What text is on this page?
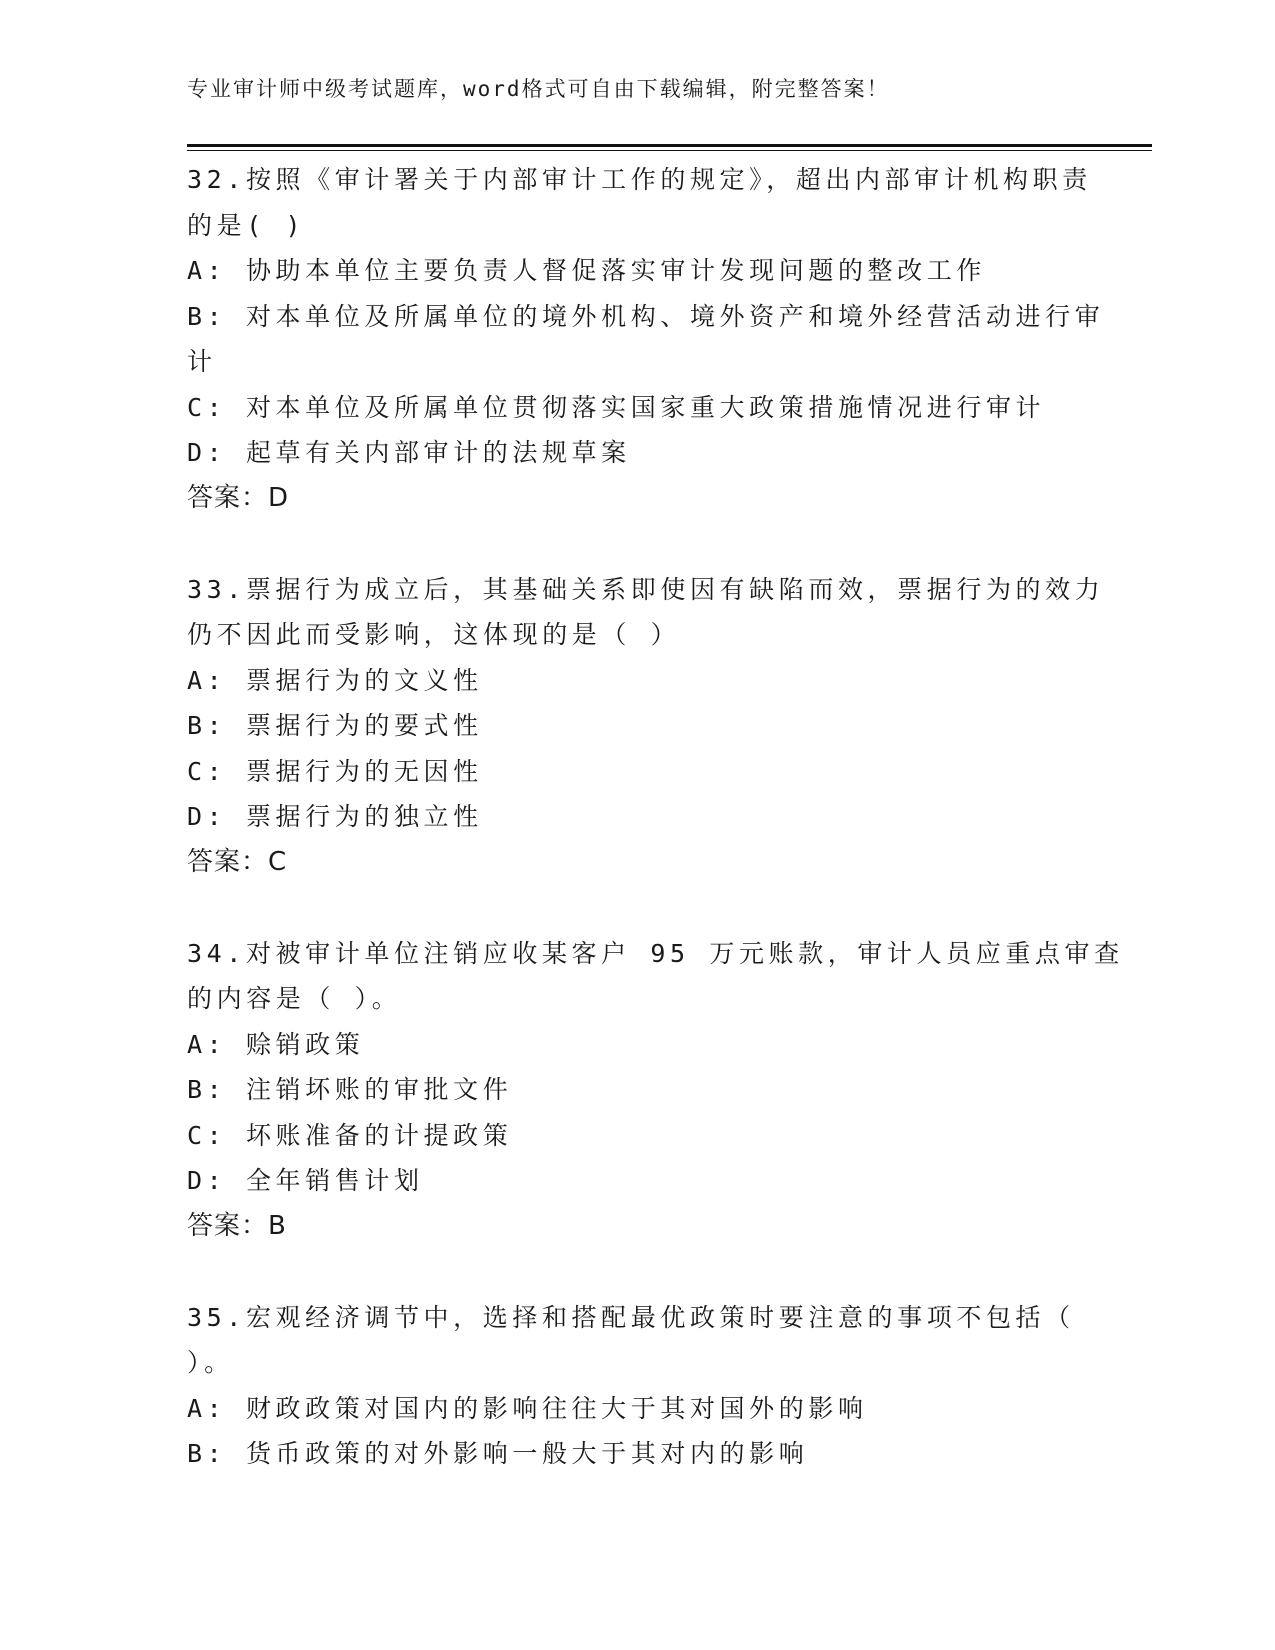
专业审计师中级考试题库，word格式可自由下载编辑，附完整答案！
32.按照《审计署关于内部审计工作的规定》，超出内部审计机构职责
的是( )
A: 协助本单位主要负责人督促落实审计发现问题的整改工作
B: 对本单位及所属单位的境外机构、境外资产和境外经营活动进行审
计
C: 对本单位及所属单位贯彻落实国家重大政策措施情况进行审计
D: 起草有关内部审计的法规草案
答案：D
33.票据行为成立后，其基础关系即使因有缺陷而效，票据行为的效力
仍不因此而受影响，这体现的是（ ）
A: 票据行为的文义性
B: 票据行为的要式性
C: 票据行为的无因性
D: 票据行为的独立性
答案：C
34.对被审计单位注销应收某客户 95 万元账款，审计人员应重点审查
的内容是（ ）。
A: 赊销政策
B: 注销坏账的审批文件
C: 坏账准备的计提政策
D: 全年销售计划
答案：B
35.宏观经济调节中，选择和搭配最优政策时要注意的事项不包括（
）。
A: 财政政策对国内的影响往往大于其对国外的影响
B: 货币政策的对外影响一般大于其对内的影响
